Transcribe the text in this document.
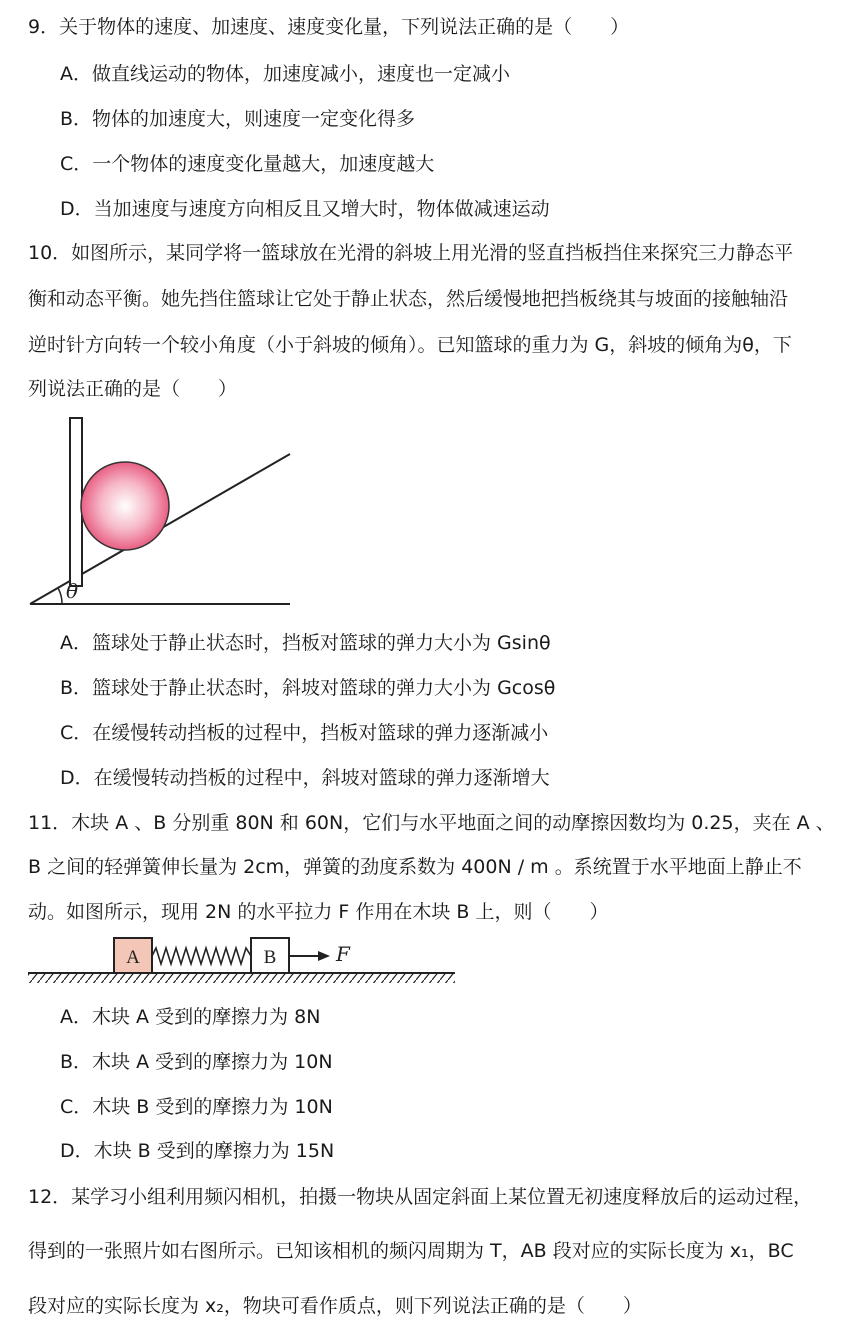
9．关于物体的速度、加速度、速度变化量，下列说法正确的是（　　）
A．做直线运动的物体，加速度减小，速度也一定减小
B．物体的加速度大，则速度一定变化得多
C．一个物体的速度变化量越大，加速度越大
D．当加速度与速度方向相反且又增大时，物体做减速运动
10．如图所示，某同学将一篮球放在光滑的斜坡上用光滑的竖直挡板挡住来探究三力静态平
衡和动态平衡。她先挡住篮球让它处于静止状态，然后缓慢地把挡板绕其与坡面的接触轴沿
逆时针方向转一个较小角度（小于斜坡的倾角）。已知篮球的重力为 G，斜坡的倾角为θ，下
列说法正确的是（　　）
θ
A．篮球处于静止状态时，挡板对篮球的弹力大小为 Gsinθ
B．篮球处于静止状态时，斜坡对篮球的弹力大小为 Gcosθ
C．在缓慢转动挡板的过程中，挡板对篮球的弹力逐渐减小
D．在缓慢转动挡板的过程中，斜坡对篮球的弹力逐渐增大
11．木块 A 、B 分别重 80N 和 60N，它们与水平地面之间的动摩擦因数均为 0.25，夹在 A 、
B 之间的轻弹簧伸长量为 2cm，弹簧的劲度系数为 400N / m 。系统置于水平地面上静止不
动。如图所示，现用 2N 的水平拉力 F 作用在木块 B 上，则（　　）
A	B	F
A．木块 A 受到的摩擦力为 8N
B．木块 A 受到的摩擦力为 10N
C．木块 B 受到的摩擦力为 10N
D．木块 B 受到的摩擦力为 15N
12．某学习小组利用频闪相机，拍摄一物块从固定斜面上某位置无初速度释放后的运动过程，
得到的一张照片如右图所示。已知该相机的频闪周期为 T，AB 段对应的实际长度为 x₁，BC
段对应的实际长度为 x₂，物块可看作质点，则下列说法正确的是（　　）
